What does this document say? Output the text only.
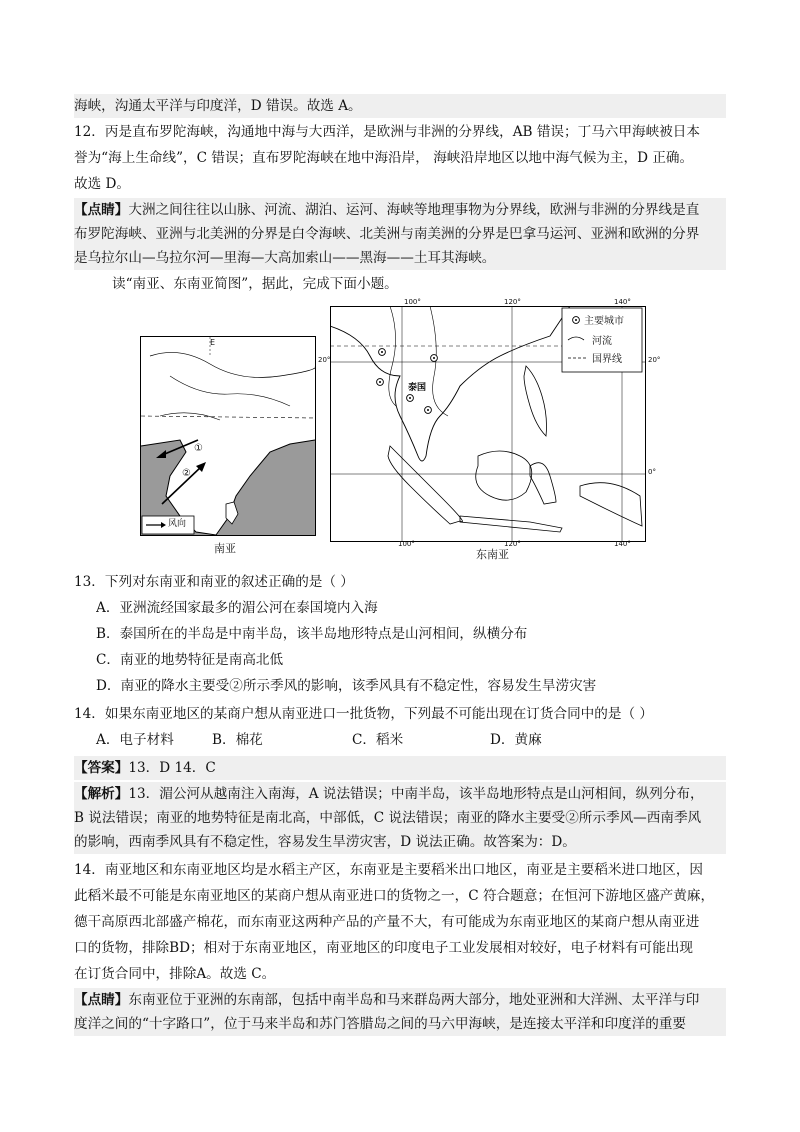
海峡，沟通太平洋与印度洋，D 错误。故选 A。
12．丙是直布罗陀海峡，沟通地中海与大西洋，是欧洲与非洲的分界线，AB 错误；丁马六甲海峡被日本
誉为“海上生命线”，C 错误；直布罗陀海峡在地中海沿岸， 海峡沿岸地区以地中海气候为主，D 正确。
故选 D。
【点睛】大洲之间往往以山脉、河流、湖泊、运河、海峡等地理事物为分界线，欧洲与非洲的分界线是直
布罗陀海峡、亚洲与北美洲的分界是白令海峡、北美洲与南美洲的分界是巴拿马运河、亚洲和欧洲的分界
是乌拉尔山—乌拉尔河—里海—大高加索山——黑海——土耳其海峡。
读“南亚、东南亚简图”，据此，完成下面小题。
风向
①
②
E
南亚
100°	120°	140°
100°	120°	140°
20°	20°
0°
泰国
主要城市
河流
国界线
东南亚
13．下列对东南亚和南亚的叙述正确的是（ ）
A．亚洲流经国家最多的湄公河在泰国境内入海
B．泰国所在的半岛是中南半岛，该半岛地形特点是山河相间，纵横分布
C．南亚的地势特征是南高北低
D．南亚的降水主要受②所示季风的影响，该季风具有不稳定性，容易发生旱涝灾害
14．如果东南亚地区的某商户想从南亚进口一批货物，下列最不可能出现在订货合同中的是（ ）
A．电子材料	B．棉花	C．稻米	D．黄麻
【答案】13．D 14．C
【解析】13．湄公河从越南注入南海，A 说法错误；中南半岛，该半岛地形特点是山河相间，纵列分布，
B 说法错误；南亚的地势特征是南北高，中部低，C 说法错误；南亚的降水主要受②所示季风—西南季风
的影响，西南季风具有不稳定性，容易发生旱涝灾害，D 说法正确。故答案为：D。
14．南亚地区和东南亚地区均是水稻主产区，东南亚是主要稻米出口地区，南亚是主要稻米进口地区，因
此稻米最不可能是东南亚地区的某商户想从南亚进口的货物之一，C 符合题意；在恒河下游地区盛产黄麻，
德干高原西北部盛产棉花，而东南亚这两种产品的产量不大，有可能成为东南亚地区的某商户想从南亚进
口的货物，排除BD；相对于东南亚地区，南亚地区的印度电子工业发展相对较好，电子材料有可能出现
在订货合同中，排除A。故选 C。
【点睛】东南亚位于亚洲的东南部，包括中南半岛和马来群岛两大部分，地处亚洲和大洋洲、太平洋与印
度洋之间的“十字路口”，位于马来半岛和苏门答腊岛之间的马六甲海峡，是连接太平洋和印度洋的重要
